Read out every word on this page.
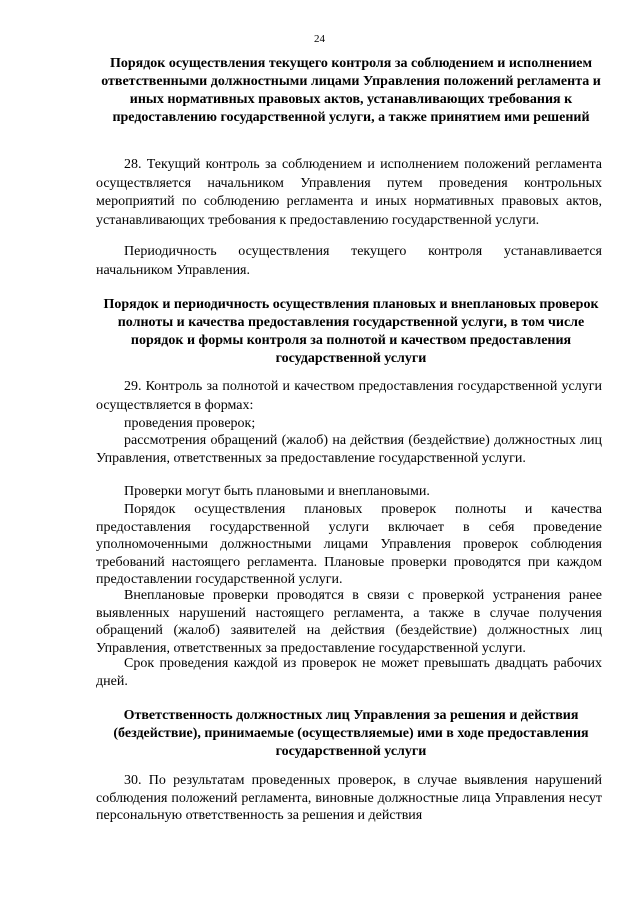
24
Порядок осуществления текущего контроля за соблюдением и исполнением ответственными должностными лицами Управления положений регламента и иных нормативных правовых актов, устанавливающих требования к предоставлению государственной услуги, а также принятием ими решений
28. Текущий контроль за соблюдением и исполнением положений регламента осуществляется начальником Управления путем проведения контрольных мероприятий по соблюдению регламента и иных нормативных правовых актов, устанавливающих требования к предоставлению государственной услуги.
Периодичность осуществления текущего контроля устанавливается начальником Управления.
Порядок и периодичность осуществления плановых и внеплановых проверок полноты и качества предоставления государственной услуги, в том числе порядок и формы контроля за полнотой и качеством предоставления государственной услуги
29. Контроль за полнотой и качеством предоставления государственной услуги осуществляется в формах:
проведения проверок;
рассмотрения обращений (жалоб) на действия (бездействие) должностных лиц Управления, ответственных за предоставление государственной услуги.
Проверки могут быть плановыми и внеплановыми.
Порядок осуществления плановых проверок полноты и качества предоставления государственной услуги включает в себя проведение уполномоченными должностными лицами Управления проверок соблюдения требований настоящего регламента. Плановые проверки проводятся при каждом предоставлении государственной услуги.
Внеплановые проверки проводятся в связи с проверкой устранения ранее выявленных нарушений настоящего регламента, а также в случае получения обращений (жалоб) заявителей на действия (бездействие) должностных лиц Управления, ответственных за предоставление государственной услуги.
Срок проведения каждой из проверок не может превышать двадцать рабочих дней.
Ответственность должностных лиц Управления за решения и действия (бездействие), принимаемые (осуществляемые) ими в ходе предоставления государственной услуги
30. По результатам проведенных проверок, в случае выявления нарушений соблюдения положений регламента, виновные должностные лица Управления несут персональную ответственность за решения и действия
